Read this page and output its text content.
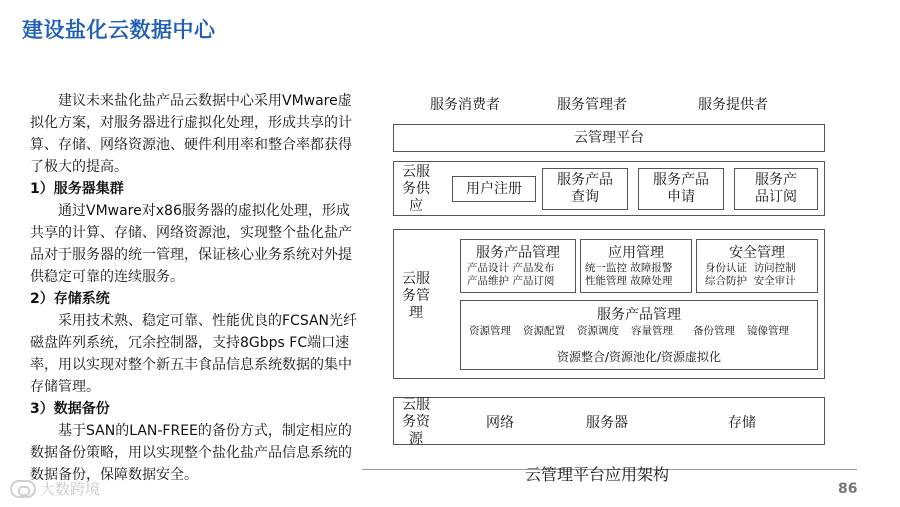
建设盐化云数据中心

建议未来盐化盐产品云数据中心采用VMware虚拟化方案，对服务器进行虚拟化处理，形成共享的计算、存储、网络资源池、硬件利用率和整合率都获得了极大的提高。

1）服务器集群

通过VMware对x86服务器的虚拟化处理，形成共享的计算、存储、网络资源池，实现整个盐化盐产品对于服务器的统一管理，保证核心业务系统对外提供稳定可靠的连续服务。

2）存储系统

采用技术熟、稳定可靠、性能优良的FCSAN光纤磁盘阵列系统，冗余控制器，支持8Gbps FC端口速率，用以实现对整个新五丰食品信息系统数据的集中存储管理。

3）数据备份

基于SAN的LAN-FREE的备份方式，制定相应的数据备份策略，用以实现整个盐化盐产品信息系统的数据备份，保障数据安全。

服务消费者	服务管理者	服务提供者
云管理平台
云服务供应
用户注册
服务产品查询
服务产品申请
服务产品订阅
云服务管理
服务产品管理
产品设计 产品发布
产品维护 产品订阅
应用管理
统一监控 故障报警
性能管理 故障处理
安全管理
身份认证 访问控制
综合防护 安全审计
服务产品管理
资源管理 资源配置 资源调度 容量管理 备份管理 镜像管理
资源整合/资源池化/资源虚拟化
云服务资源
网络	服务器	存储
云管理平台应用架构
86
大数跨境
